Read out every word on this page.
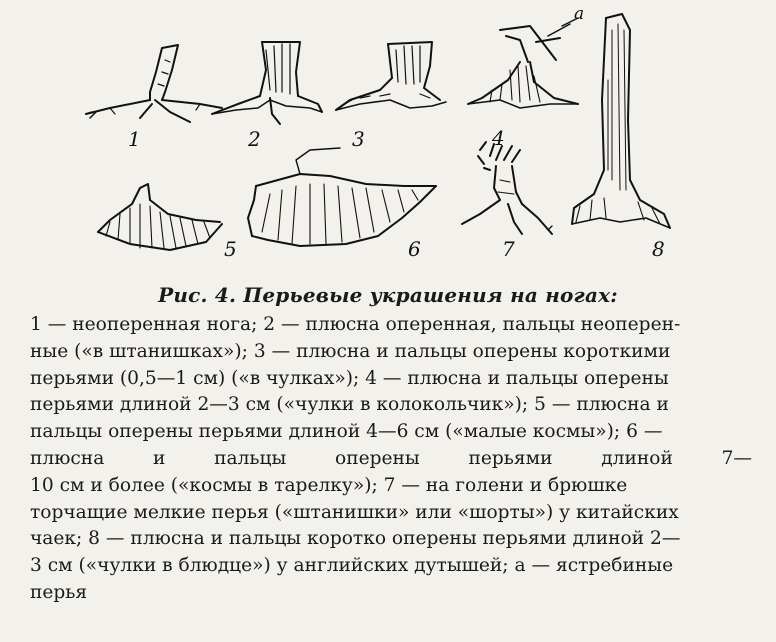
1	2	3	4
5	6	7	8
a
Рис. 4. Перьевые украшения на ногах:
1 — неоперенная нога; 2 — плюсна оперенная, пальцы неоперен-
ные («в штанишках»); 3 — плюсна и пальцы оперены короткими
перьями (0,5—1 см) («в чулках»); 4 — плюсна и пальцы оперены
перьями длиной 2—3 см («чулки в колокольчик»); 5 — плюсна и
пальцы оперены перьями длиной 4—6 см («малые космы»); 6 —
плюсна и пальцы оперены перьями длиной 7—
10 см и более («космы в тарелку»); 7 — на голени и брюшке
торчащие мелкие перья («штанишки» или «шорты») у китайских
чаек; 8 — плюсна и пальцы коротко оперены перьями длиной 2—
3 см («чулки в блюдце») у английских дутышей; а — ястребиные
перья
